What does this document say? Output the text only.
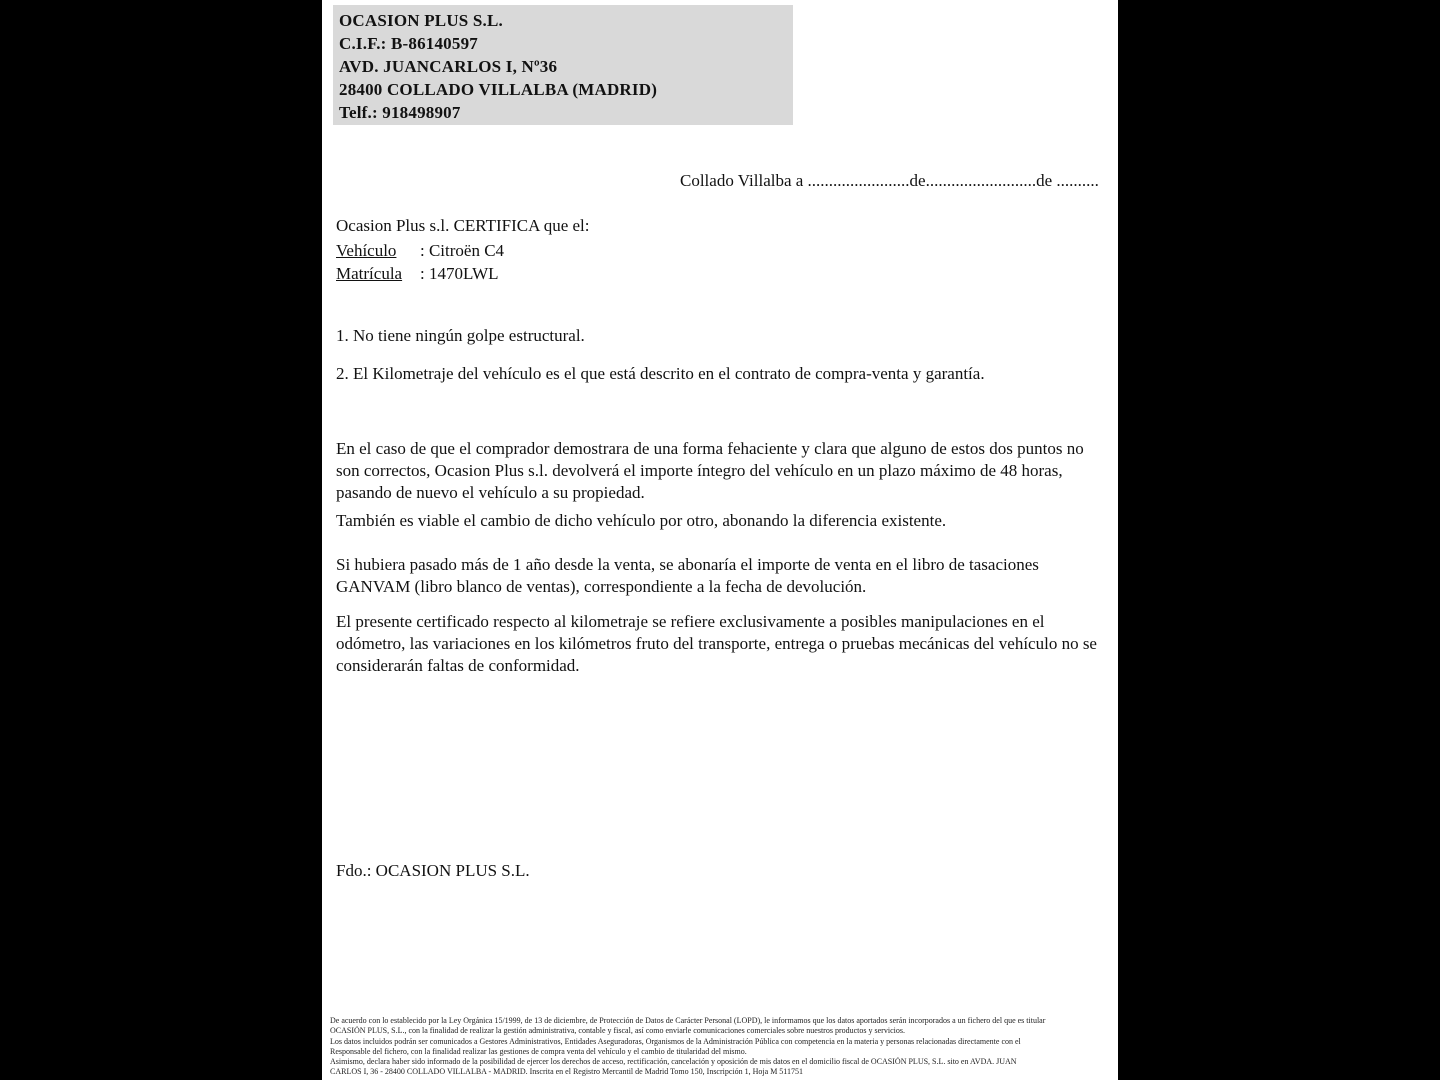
OCASION PLUS S.L.
C.I.F.: B-86140597
AVD. JUANCARLOS I, Nº36
28400 COLLADO VILLALBA (MADRID)
Telf.: 918498907
Collado Villalba a ........................de..........................de ..........
Ocasion Plus s.l. CERTIFICA que el:
Vehículo : Citroën C4
Matrícula : 1470LWL
1. No tiene ningún golpe estructural.
2. El Kilometraje del vehículo es el que está descrito en el contrato de compra-venta y garantía.
En el caso de que el comprador demostrara de una forma fehaciente y clara que alguno de estos dos puntos no son correctos, Ocasion Plus s.l. devolverá el importe íntegro del vehículo en un plazo máximo de 48 horas, pasando de nuevo el vehículo a su propiedad.
También es viable el cambio de dicho vehículo por otro, abonando la diferencia existente.
Si hubiera pasado más de 1 año desde la venta, se abonaría el importe de venta en el libro de tasaciones GANVAM (libro blanco de ventas), correspondiente a la fecha de devolución.
El presente certificado respecto al kilometraje se refiere exclusivamente a posibles manipulaciones en el odómetro, las variaciones en los kilómetros fruto del transporte, entrega o pruebas mecánicas del vehículo no se considerarán faltas de conformidad.
Fdo.: OCASION PLUS S.L.
De acuerdo con lo establecido por la Ley Orgánica 15/1999, de 13 de diciembre, de Protección de Datos de Carácter Personal (LOPD), le informamos que los datos aportados serán incorporados a un fichero del que es titular
OCASIÓN PLUS, S.L., con la finalidad de realizar la gestión administrativa, contable y fiscal, así como enviarle comunicaciones comerciales sobre nuestros productos y servicios.
Los datos incluidos podrán ser comunicados a Gestores Administrativos, Entidades Aseguradoras, Organismos de la Administración Pública con competencia en la materia y personas relacionadas directamente con el
Responsable del fichero, con la finalidad realizar las gestiones de compra venta del vehículo y el cambio de titularidad del mismo.
Asimismo, declara haber sido informado de la posibilidad de ejercer los derechos de acceso, rectificación, cancelación y oposición de mis datos en el domicilio fiscal de OCASIÓN PLUS, S.L. sito en AVDA. JUAN
CARLOS I, 36 - 28400 COLLADO VILLALBA - MADRID. Inscrita en el Registro Mercantil de Madrid Tomo 150, Inscripción 1, Hoja M 511751
